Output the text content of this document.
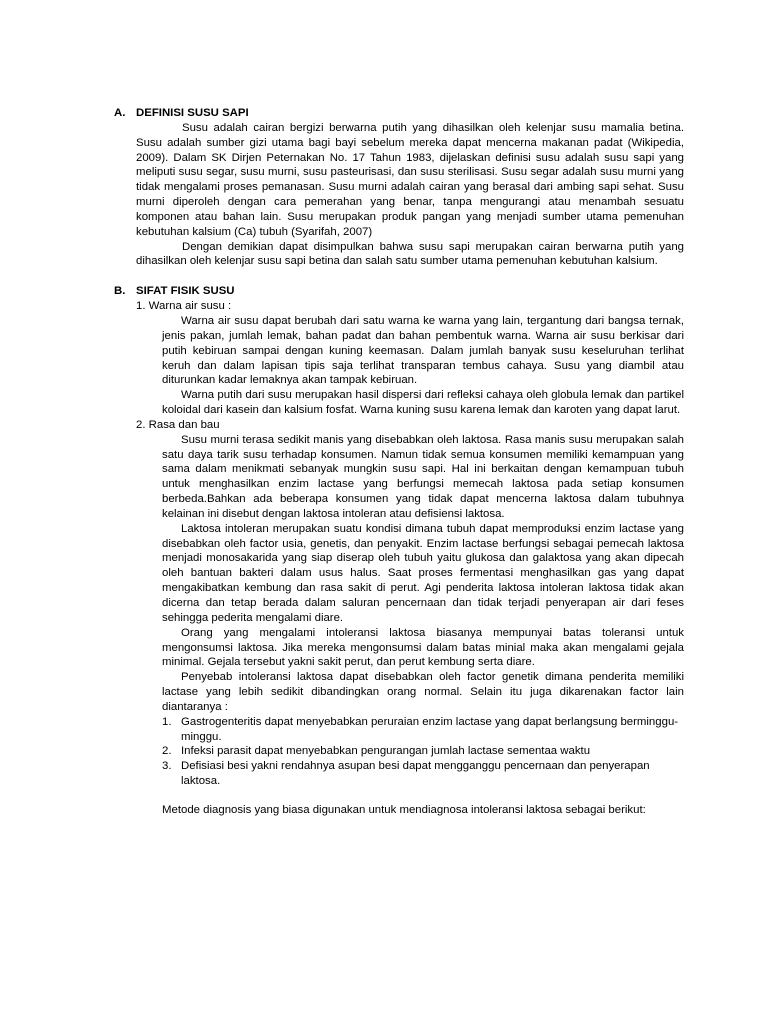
A. DEFINISI SUSU SAPI

Susu adalah cairan bergizi berwarna putih yang dihasilkan oleh kelenjar susu mamalia betina. Susu adalah sumber gizi utama bagi bayi sebelum mereka dapat mencerna makanan padat (Wikipedia, 2009). Dalam SK Dirjen Peternakan No. 17 Tahun 1983, dijelaskan definisi susu adalah susu sapi yang meliputi susu segar, susu murni, susu pasteurisasi, dan susu sterilisasi. Susu segar adalah susu murni yang tidak mengalami proses pemanasan. Susu murni adalah cairan yang berasal dari ambing sapi sehat. Susu murni diperoleh dengan cara pemerahan yang benar, tanpa mengurangi atau menambah sesuatu komponen atau bahan lain. Susu merupakan produk pangan yang menjadi sumber utama pemenuhan kebutuhan kalsium (Ca) tubuh (Syarifah, 2007)

Dengan demikian dapat disimpulkan bahwa susu sapi merupakan cairan berwarna putih yang dihasilkan oleh kelenjar susu sapi betina dan salah satu sumber utama pemenuhan kebutuhan kalsium.

B. SIFAT FISIK SUSU

1. Warna air susu :

Warna air susu dapat berubah dari satu warna ke warna yang lain, tergantung dari bangsa ternak, jenis pakan, jumlah lemak, bahan padat dan bahan pembentuk warna. Warna air susu berkisar dari putih kebiruan sampai dengan kuning keemasan. Dalam jumlah banyak susu keseluruhan terlihat keruh dan dalam lapisan tipis saja terlihat transparan tembus cahaya. Susu yang diambil atau diturunkan kadar lemaknya akan tampak kebiruan.

Warna putih dari susu merupakan hasil dispersi dari refleksi cahaya oleh globula lemak dan partikel koloidal dari kasein dan kalsium fosfat. Warna kuning susu karena lemak dan karoten yang dapat larut.

2. Rasa dan bau

Susu murni terasa sedikit manis yang disebabkan oleh laktosa. Rasa manis susu merupakan salah satu daya tarik susu terhadap konsumen. Namun tidak semua konsumen memiliki kemampuan yang sama dalam menikmati sebanyak mungkin susu sapi. Hal ini berkaitan dengan kemampuan tubuh untuk menghasilkan enzim lactase yang berfungsi memecah laktosa pada setiap konsumen berbeda.Bahkan ada beberapa konsumen yang tidak dapat mencerna laktosa dalam tubuhnya kelainan ini disebut dengan laktosa intoleran atau defisiensi laktosa.

Laktosa intoleran merupakan suatu kondisi dimana tubuh dapat memproduksi enzim lactase yang disebabkan oleh factor usia, genetis, dan penyakit. Enzim lactase berfungsi sebagai pemecah laktosa menjadi monosakarida yang siap diserap oleh tubuh yaitu glukosa dan galaktosa yang akan dipecah oleh bantuan bakteri dalam usus halus. Saat proses fermentasi menghasilkan gas yang dapat mengakibatkan kembung dan rasa sakit di perut. Agi penderita laktosa intoleran laktosa tidak akan dicerna dan tetap berada dalam saluran pencernaan dan tidak terjadi penyerapan air dari feses sehingga pederita mengalami diare.

Orang yang mengalami intoleransi laktosa biasanya mempunyai batas toleransi untuk mengonsumsi laktosa. Jika mereka mengonsumsi dalam batas minial maka akan mengalami gejala minimal. Gejala tersebut yakni sakit perut, dan perut kembung serta diare.

Penyebab intoleransi laktosa dapat disebabkan oleh factor genetik dimana penderita memiliki lactase yang lebih sedikit dibandingkan orang normal. Selain itu juga dikarenakan factor lain diantaranya :

1. Gastrogenteritis dapat menyebabkan peruraian enzim lactase yang dapat berlangsung bermingguminggu.
2. Infeksi parasit dapat menyebabkan pengurangan jumlah lactase sementaa waktu
3. Defisiasi besi yakni rendahnya asupan besi dapat mengganggu pencernaan dan penyerapan laktosa.

Metode diagnosis yang biasa digunakan untuk mendiagnosa intoleransi laktosa sebagai berikut:
